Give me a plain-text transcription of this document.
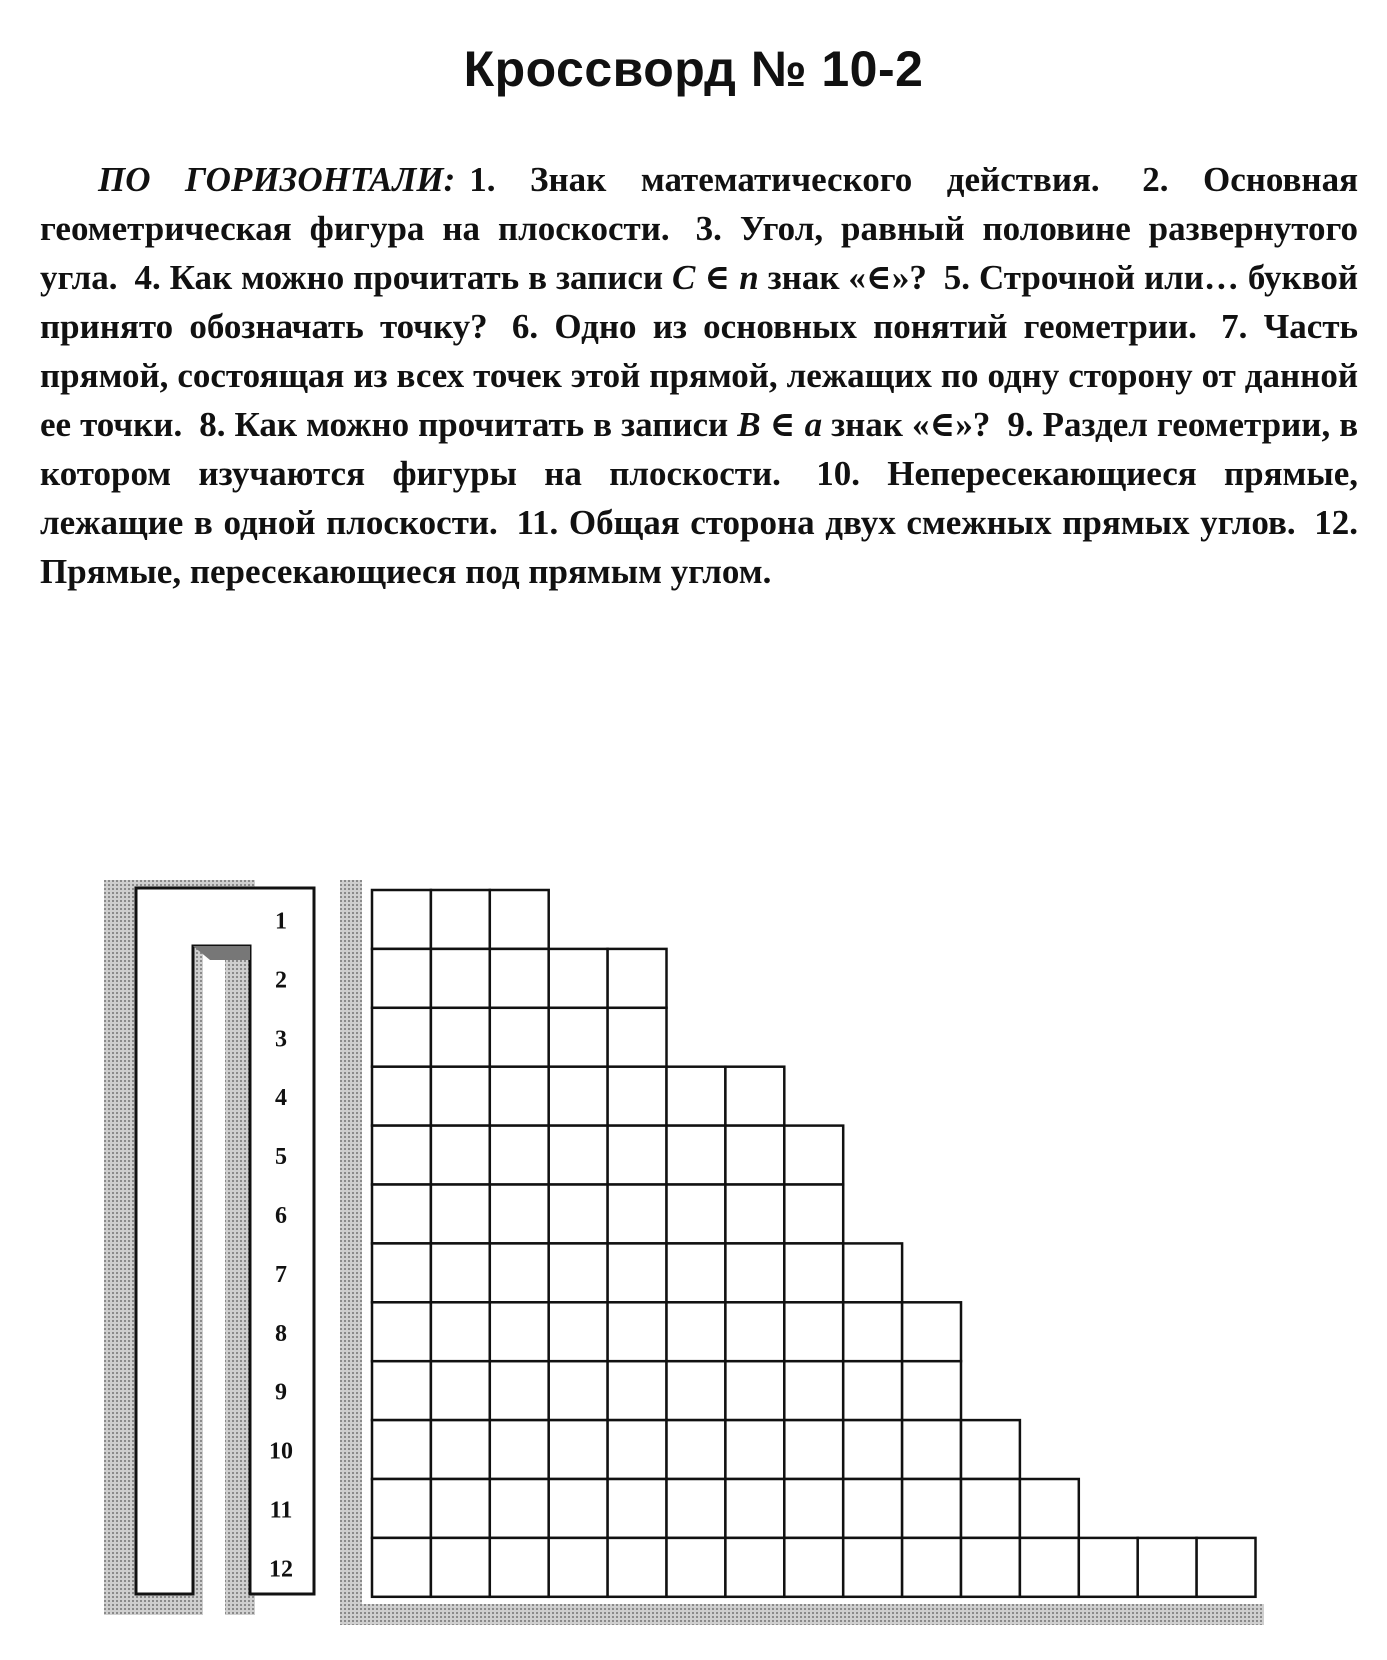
Кроссворд № 10-2

ПО ГОРИЗОНТАЛИ: 1. Знак математического действия. 2. Основная геометрическая фигура на плоскости. 3. Угол, равный половине развернутого угла. 4. Как можно прочитать в записи C ∈ n знак «∈»? 5. Строчной или… буквой принято обозначать точку? 6. Одно из основных понятий геометрии. 7. Часть прямой, состоящая из всех точек этой прямой, лежащих по одну сторону от данной ее точки. 8. Как можно прочитать в записи B ∈ a знак «∈»? 9. Раздел геометрии, в котором изучаются фигуры на плоскости. 10. Непересекающиеся прямые, лежащие в одной плоскости. 11. Общая сторона двух смежных прямых углов. 12. Прямые, пересекающиеся под прямым углом.

1
2
3
4
5
6
7
8
9
10
11
12
